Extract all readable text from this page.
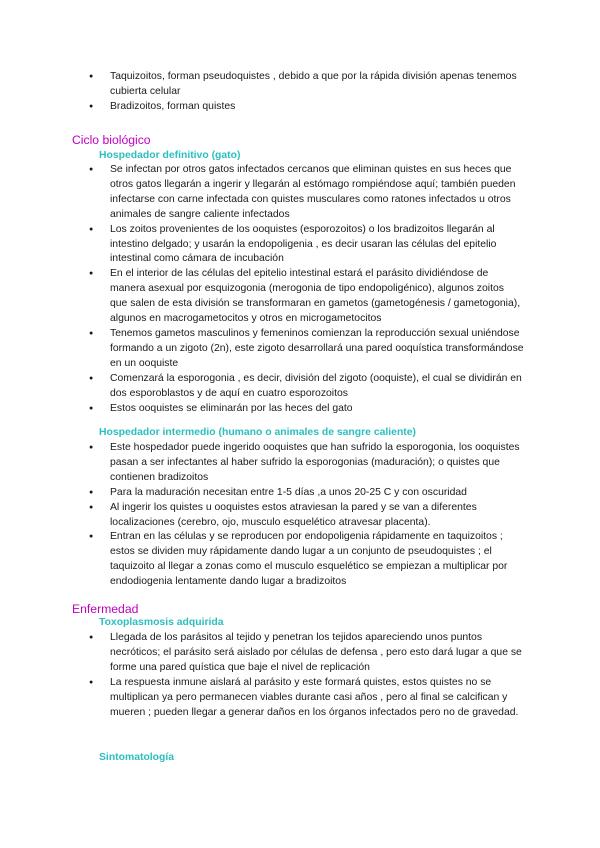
● Taquizoitos, forman pseudoquistes , debido a que por la rápida división apenas tenemos cubierta celular
● Bradizoitos, forman quistes
Ciclo biológico
Hospedador definitivo (gato)
● Se infectan por otros gatos infectados cercanos que eliminan quistes en sus heces que otros gatos llegarán a ingerir y llegarán al estómago rompiéndose aquí; también pueden infectarse con carne infectada con quistes musculares como ratones infectados u otros animales de sangre caliente infectados
● Los zoitos provenientes de los ooquistes (esporozoitos) o los bradizoitos llegarán al intestino delgado; y usarán la endopoligenia , es decir usaran las células del epitelio intestinal como cámara de incubación
● En el interior de las células del epitelio intestinal estará el parásito dividiéndose de manera asexual por esquizogonia (merogonia de tipo endopoligénico), algunos zoitos que salen de esta división se transformaran en gametos (gametogénesis / gametogonia), algunos en macrogametocitos y otros en microgametocitos
● Tenemos gametos masculinos y femeninos comienzan la reproducción sexual uniéndose formando a un zigoto (2n), este zigoto desarrollará una pared ooquística transformándose en un ooquiste
● Comenzará la esporogonia , es decir, división del zigoto (ooquiste), el cual se dividirán en dos esporoblastos y de aquí en cuatro esporozoitos
● Estos ooquistes se eliminarán por las heces del gato
Hospedador intermedio (humano o animales de sangre caliente)
● Este hospedador puede ingerido ooquistes que han sufrido la esporogonia, los ooquistes pasan a ser infectantes al haber sufrido la esporogonias (maduración); o quistes que contienen bradizoitos
● Para la maduración necesitan entre 1-5 días ,a unos 20-25 C y con oscuridad
● Al ingerir los quistes u ooquistes estos atraviesan la pared y se van a diferentes localizaciones (cerebro, ojo, musculo esquelético atravesar placenta).
● Entran en las células y se reproducen por endopoligenia rápidamente en taquizoitos ; estos se dividen muy rápidamente dando lugar a un conjunto de pseudoquistes ; el taquizoito al llegar a zonas como el musculo esquelético se empiezan a multiplicar por endodiogenia lentamente dando lugar a bradizoitos
Enfermedad
Toxoplasmosis adquirida
● Llegada de los parásitos al tejido y penetran los tejidos apareciendo unos puntos necróticos; el parásito será aislado por células de defensa , pero esto dará lugar a que se forme una pared quística que baje el nivel de replicación
● La respuesta inmune aislará al parásito y este formará quistes, estos quistes no se multiplican ya pero permanecen viables durante casi años , pero al final se calcifican y mueren ; pueden llegar a generar daños en los órganos infectados pero no de gravedad.
Sintomatología
